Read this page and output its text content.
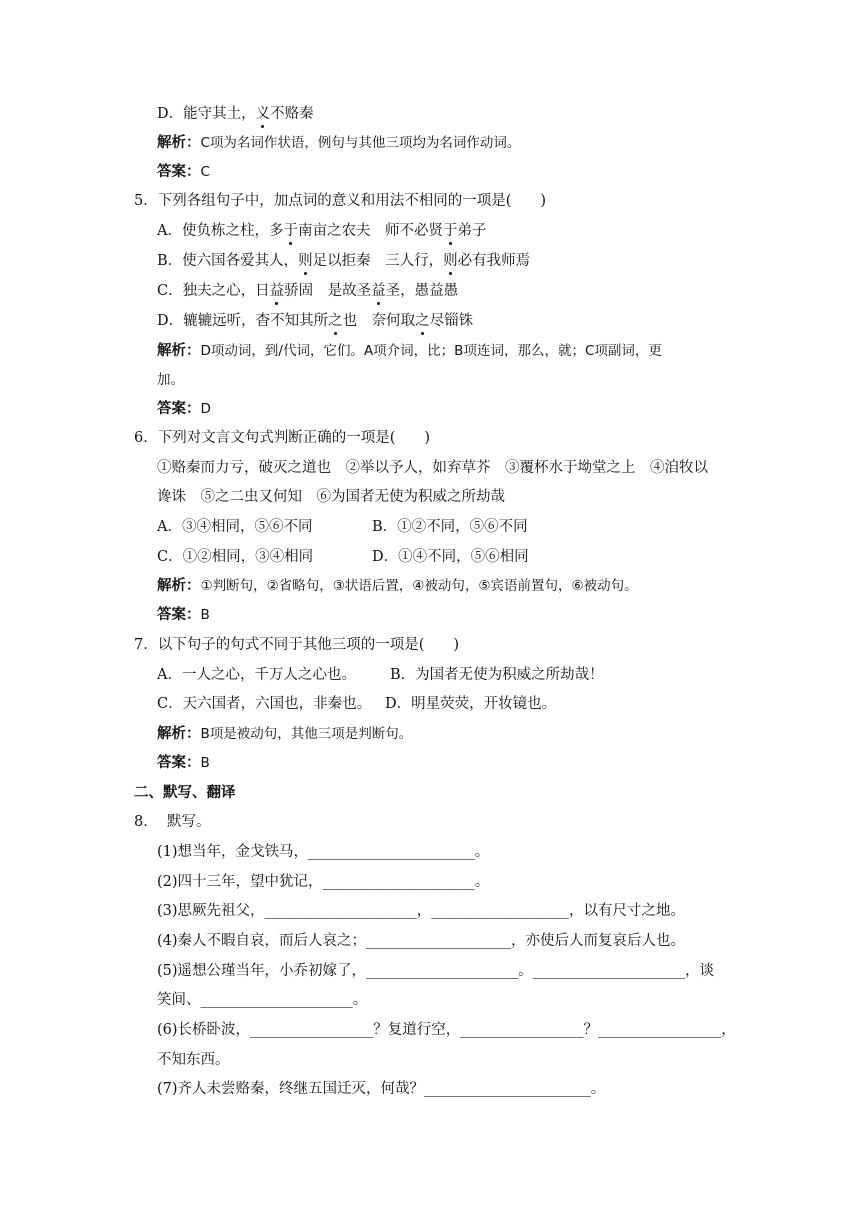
D．能守其土，义不赂秦
解析：C项为名词作状语，例句与其他三项均为名词作动词。
答案：C
5．下列各组句子中，加点词的意义和用法不相同的一项是(　　)
A．使负栋之柱，多于南亩之农夫　师不必贤于弟子
B．使六国各爱其人，则足以拒秦　三人行，则必有我师焉
C．独夫之心，日益骄固　是故圣益圣，愚益愚
D．辘辘远听，杳不知其所之也　奈何取之尽锱铢
解析：D项动词，到/代词，它们。A项介词，比；B项连词，那么，就；C项副词，更
加。
答案：D
6．下列对文言文句式判断正确的一项是(　　)
①赂秦而力亏，破灭之道也　②举以予人，如弃草芥　③覆杯水于坳堂之上　④洎牧以
谗诛　⑤之二虫又何知　⑥为国者无使为积威之所劫哉
A．③④相同，⑤⑥不同	B．①②不同，⑤⑥不同
C．①②相同，③④相同	D．①④不同，⑤⑥相同
解析：①判断句，②省略句，③状语后置，④被动句，⑤宾语前置句，⑥被动句。
答案：B
7．以下句子的句式不同于其他三项的一项是(　　)
A．一人之心，千万人之心也。 B．为国者无使为积威之所劫哉！
C．天六国者，六国也，非秦也。 D．明星荧荧，开妆镜也。
解析：B项是被动句，其他三项是判断句。
答案：B
二、默写、翻译
8．  默写。
(1)想当年，金戈铁马，_______________________。
(2)四十三年，望中犹记，_____________________。
(3)思厥先祖父，_____________________，___________________，以有尺寸之地。
(4)秦人不暇自哀，而后人哀之；____________________，亦使后人而复哀后人也。
(5)遥想公瑾当年，小乔初嫁了，_____________________。_____________________，谈
笑间、_____________________。
(6)长桥卧波，_________________？复道行空，_________________？_________________，
不知东西。
(7)齐人未尝赂秦，终继五国迁灭，何哉？_______________________。
